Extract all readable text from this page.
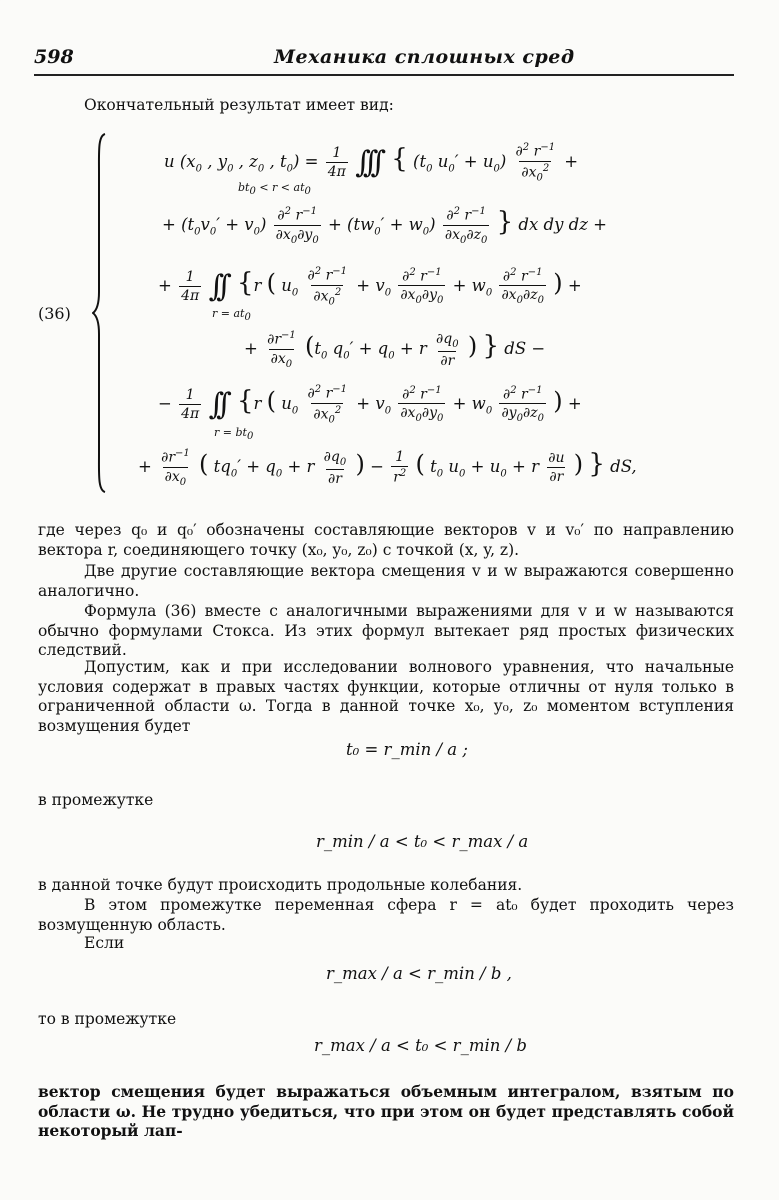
598	Механика сплошных сред
Окончательный результат имеет вид:
(36)
u ($x_0$ , $y_0$ , $z_0$ , $t_0) = \frac{1}{4\pi}$ ∫∫∫ { ($t_0$ $u_0' + u_0) \frac{\partial^2 r^{-1}}{\partial x_0^2}$ +
$bt_0 < r < at_0$
+ $(t_0v_0' + v_0) \frac{\partial^2 r^{-1}}{\partial x_0\partial y_0} + (tw_0' + w_0) \frac{\partial^2 r^{-1}}{\partial x_0\partial z_0}$ } dx dy dz +
+ $\frac{1}{4\pi}$ ∫∫ {r ( $u_0 \frac{\partial^2 r^{-1}}{\partial x_0^2} + v_0 \frac{\partial^2 r^{-1}}{\partial x_0\partial y_0} + w_0 \frac{\partial^2 r^{-1}}{\partial x_0\partial z_0}$ ) +
$r = at_0$
+ $\frac{\partial r^{-1}}{\partial x_0} (t_0$ $q_0' + q_0 + r \frac{\partial q_0}{\partial r}$ ) } dS −
− $\frac{1}{4\pi}$ ∫∫ {r ( $u_0 \frac{\partial^2 r^{-1}}{\partial x_0^2} + v_0 \frac{\partial^2 r^{-1}}{\partial x_0\partial y_0} + w_0 \frac{\partial^2 r^{-1}}{\partial y_0\partial z_0}$ ) +
$r = bt_0$
+ $\frac{\partial r^{-1}}{\partial x_0}$ ( $tq_0' + q_0 + r \frac{\partial q_0}{\partial r}$ ) − $\frac{1}{r^2}$ ( $t_0$ $u_0 + u_0 + r \frac{\partial u}{\partial r}$ ) } dS,
где через q₀ и q₀′ обозначены составляющие векторов v и v₀′ по направлению вектора r, соединяющего точку (x₀, y₀, z₀) с точкой (x, y, z).
Две другие составляющие вектора смещения v и w выражаются совершенно аналогично.
Формула (36) вместе с аналогичными выражениями для v и w называются обычно формулами Стокса. Из этих формул вытекает ряд простых физических следствий.
Допустим, как и при исследовании волнового уравнения, что начальные условия содержат в правых частях функции, которые отличны от нуля только в ограниченной области ω. Тогда в данной точке x₀, y₀, z₀ моментом вступления возмущения будет
t₀ = r_min / a ;
в промежутке
r_min / a < t₀ < r_max / a
в данной точке будут происходить продольные колебания.
В этом промежутке переменная сфера r = at₀ будет проходить через возмущенную область.
Если
r_max / a < r_min / b ,
то в промежутке
r_max / a < t₀ < r_min / b
вектор смещения будет выражаться объемным интегралом, взятым по области ω. Не трудно убедиться, что при этом он будет представлять собой некоторый лап-
